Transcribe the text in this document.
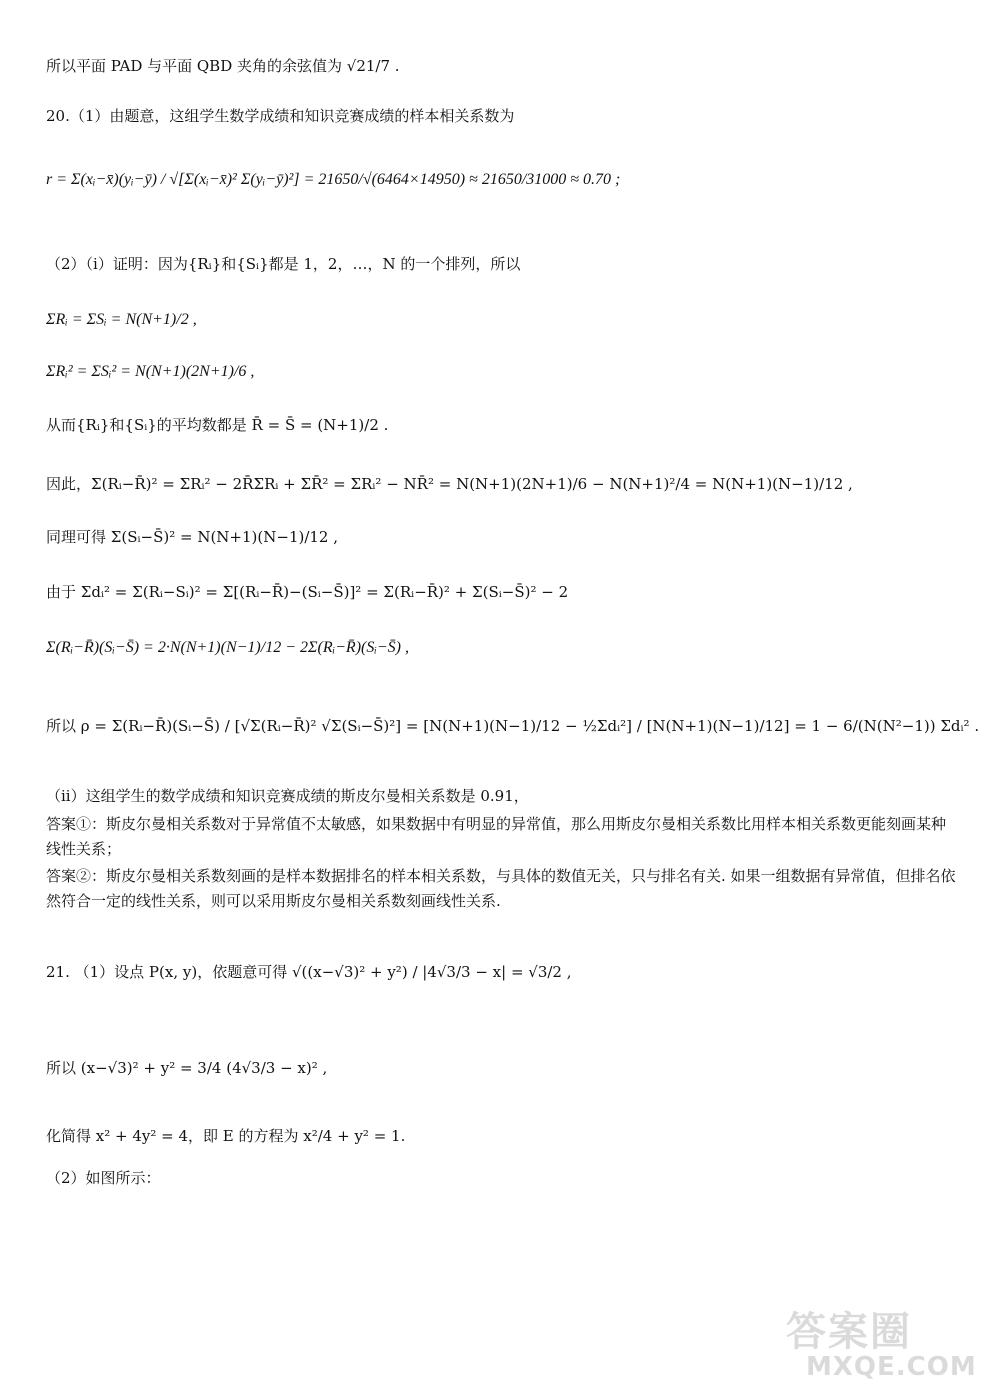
所以平面 PAD 与平面 QBD 夹角的余弦值为 √21/7 .
20.（1）由题意，这组学生数学成绩和知识竞赛成绩的样本相关系数为
r = Σ(xᵢ−x̄)(yᵢ−ȳ) / √[Σ(xᵢ−x̄)² Σ(yᵢ−ȳ)²] = 21650/√(6464×14950) ≈ 21650/31000 ≈ 0.70 ;
（2）（i）证明：因为{Rᵢ}和{Sᵢ}都是 1，2，…，N 的一个排列，所以
ΣRᵢ = ΣSᵢ = N(N+1)/2 ,
ΣRᵢ² = ΣSᵢ² = N(N+1)(2N+1)/6 ,
从而{Rᵢ}和{Sᵢ}的平均数都是 R̄ = S̄ = (N+1)/2 .
因此，Σ(Rᵢ−R̄)² = ΣRᵢ² − 2R̄ΣRᵢ + ΣR̄² = ΣRᵢ² − NR̄² = N(N+1)(2N+1)/6 − N(N+1)²/4 = N(N+1)(N−1)/12 ,
同理可得 Σ(Sᵢ−S̄)² = N(N+1)(N−1)/12 ,
由于 Σdᵢ² = Σ(Rᵢ−Sᵢ)² = Σ[(Rᵢ−R̄)−(Sᵢ−S̄)]² = Σ(Rᵢ−R̄)² + Σ(Sᵢ−S̄)² − 2
Σ(Rᵢ−R̄)(Sᵢ−S̄) = 2·N(N+1)(N−1)/12 − 2Σ(Rᵢ−R̄)(Sᵢ−S̄) ,
所以 ρ = Σ(Rᵢ−R̄)(Sᵢ−S̄) / [√Σ(Rᵢ−R̄)² √Σ(Sᵢ−S̄)²] = [N(N+1)(N−1)/12 − ½Σdᵢ²] / [N(N+1)(N−1)/12] = 1 − 6/(N(N²−1)) Σdᵢ² .
（ii）这组学生的数学成绩和知识竞赛成绩的斯皮尔曼相关系数是 0.91，
答案①：斯皮尔曼相关系数对于异常值不太敏感，如果数据中有明显的异常值，那么用斯皮尔曼相关系数比用样本相关系数更能刻画某种线性关系；
答案②：斯皮尔曼相关系数刻画的是样本数据排名的样本相关系数，与具体的数值无关，只与排名有关. 如果一组数据有异常值，但排名依然符合一定的线性关系，则可以采用斯皮尔曼相关系数刻画线性关系.
21. （1）设点 P(x, y)，依题意可得 √((x−√3)² + y²) / |4√3/3 − x| = √3/2 ,
所以 (x−√3)² + y² = 3/4 (4√3/3 − x)² ,
化简得 x² + 4y² = 4，即 E 的方程为 x²/4 + y² = 1.
（2）如图所示：
答案圈
MXQE.COM
